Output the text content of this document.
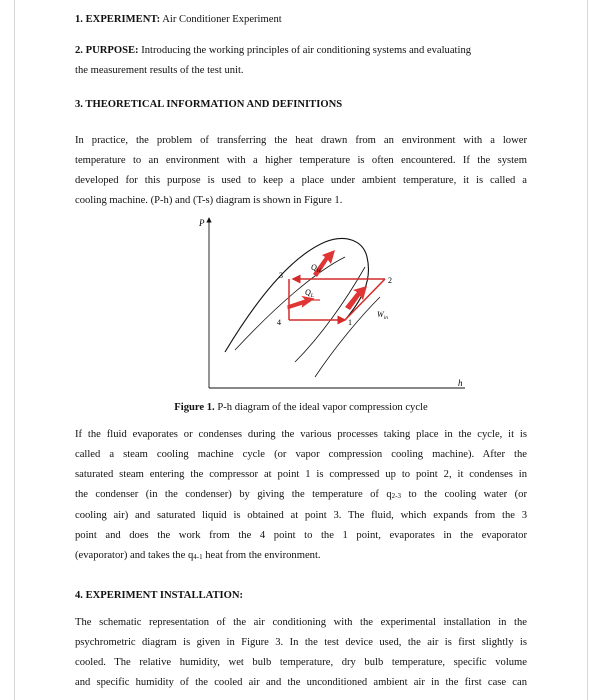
1. EXPERIMENT: Air Conditioner Experiment
2. PURPOSE: Introducing the working principles of air conditioning systems and evaluating
the measurement results of the test unit.
3. THEORETICAL INFORMATION AND DEFINITIONS
In practice, the problem of transferring the heat drawn from an environment with a lower
temperature to an environment with a higher temperature is often encountered. If the system
developed for this purpose is used to keep a place under ambient temperature, it is called a
cooling machine. (P-h) and (T-s) diagram is shown in Figure 1.
P
h
$Q_H$
$Q_L$
$W_{in}$
2
3
4	1
Figure 1. P-h diagram of the ideal vapor compression cycle
If the fluid evaporates or condenses during the various processes taking place in the cycle, it is
called a steam cooling machine cycle (or vapor compression cooling machine). After the
saturated steam entering the compressor at point 1 is compressed up to point 2, it condenses in
the condenser (in the condenser) by giving the temperature of $q_{2-3}$ to the cooling water (or
cooling air) and saturated liquid is obtained at point 3. The fluid, which expands from the 3
point and does the work from the 4 point to the 1 point, evaporates in the evaporator
(evaporator) and takes the $q_{4-1}$ heat from the environment.
4. EXPERIMENT INSTALLATION:
The schematic representation of the air conditioning with the experimental installation in the
psychrometric diagram is given in Figure 3. In the test device used, the air is first slightly is
cooled. The relative humidity, wet bulb temperature, dry bulb temperature, specific volume
and specific humidity of the cooled air and the unconditioned ambient air in the first case can
